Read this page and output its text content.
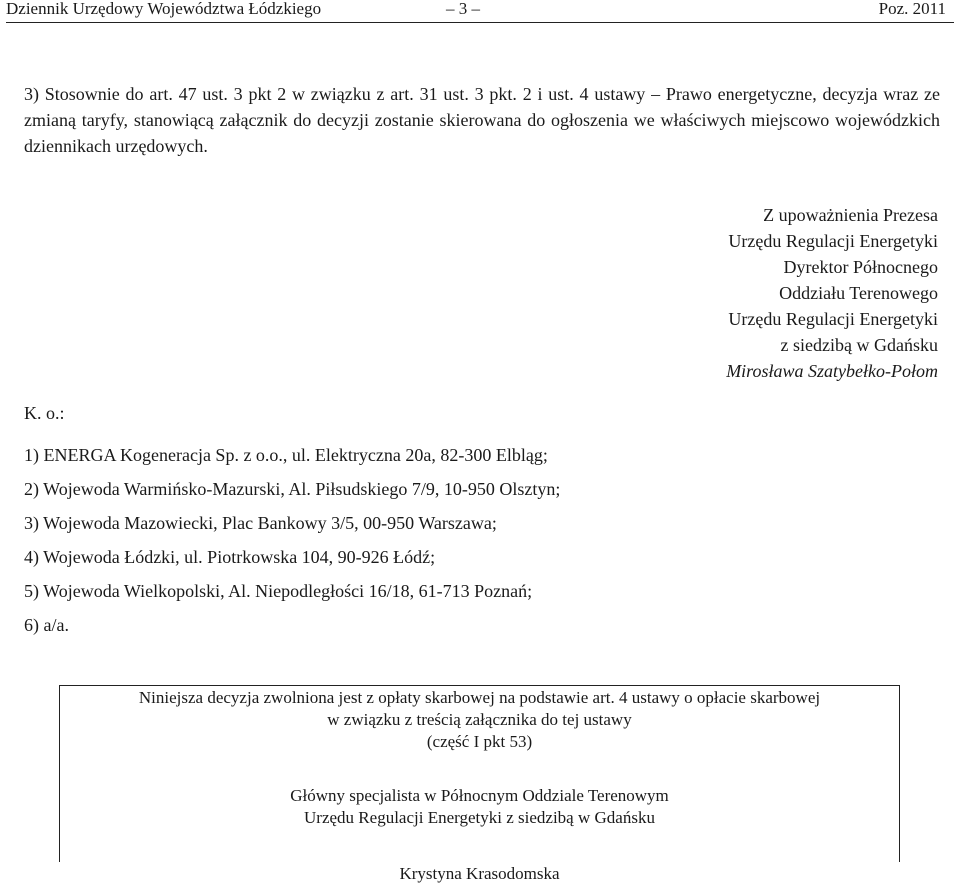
Dziennik Urzędowy Województwa Łódzkiego	– 3 –	Poz. 2011
3) Stosownie do art. 47 ust. 3 pkt 2 w związku z art. 31 ust. 3 pkt. 2 i ust. 4 ustawy – Prawo energetyczne, decyzja wraz ze zmianą taryfy, stanowiącą załącznik do decyzji zostanie skierowana do ogłoszenia we właściwych miejscowo wojewódzkich dziennikach urzędowych.
Z upoważnienia Prezesa
Urzędu Regulacji Energetyki
Dyrektor Północnego
Oddziału Terenowego
Urzędu Regulacji Energetyki
z siedzibą w Gdańsku
Mirosława Szatybełko-Połom
K. o.:
1) ENERGA Kogeneracja Sp. z o.o., ul. Elektryczna 20a, 82-300 Elbląg;
2) Wojewoda Warmińsko-Mazurski, Al. Piłsudskiego 7/9, 10-950 Olsztyn;
3) Wojewoda Mazowiecki, Plac Bankowy 3/5, 00-950 Warszawa;
4) Wojewoda Łódzki, ul. Piotrkowska 104, 90-926 Łódź;
5) Wojewoda Wielkopolski, Al. Niepodległości 16/18, 61-713 Poznań;
6) a/a.
Niniejsza decyzja zwolniona jest z opłaty skarbowej na podstawie art. 4 ustawy o opłacie skarbowej
w związku z treścią załącznika do tej ustawy
(część I pkt 53)
Główny specjalista w Północnym Oddziale Terenowym
Urzędu Regulacji Energetyki z siedzibą w Gdańsku
Krystyna Krasodomska
